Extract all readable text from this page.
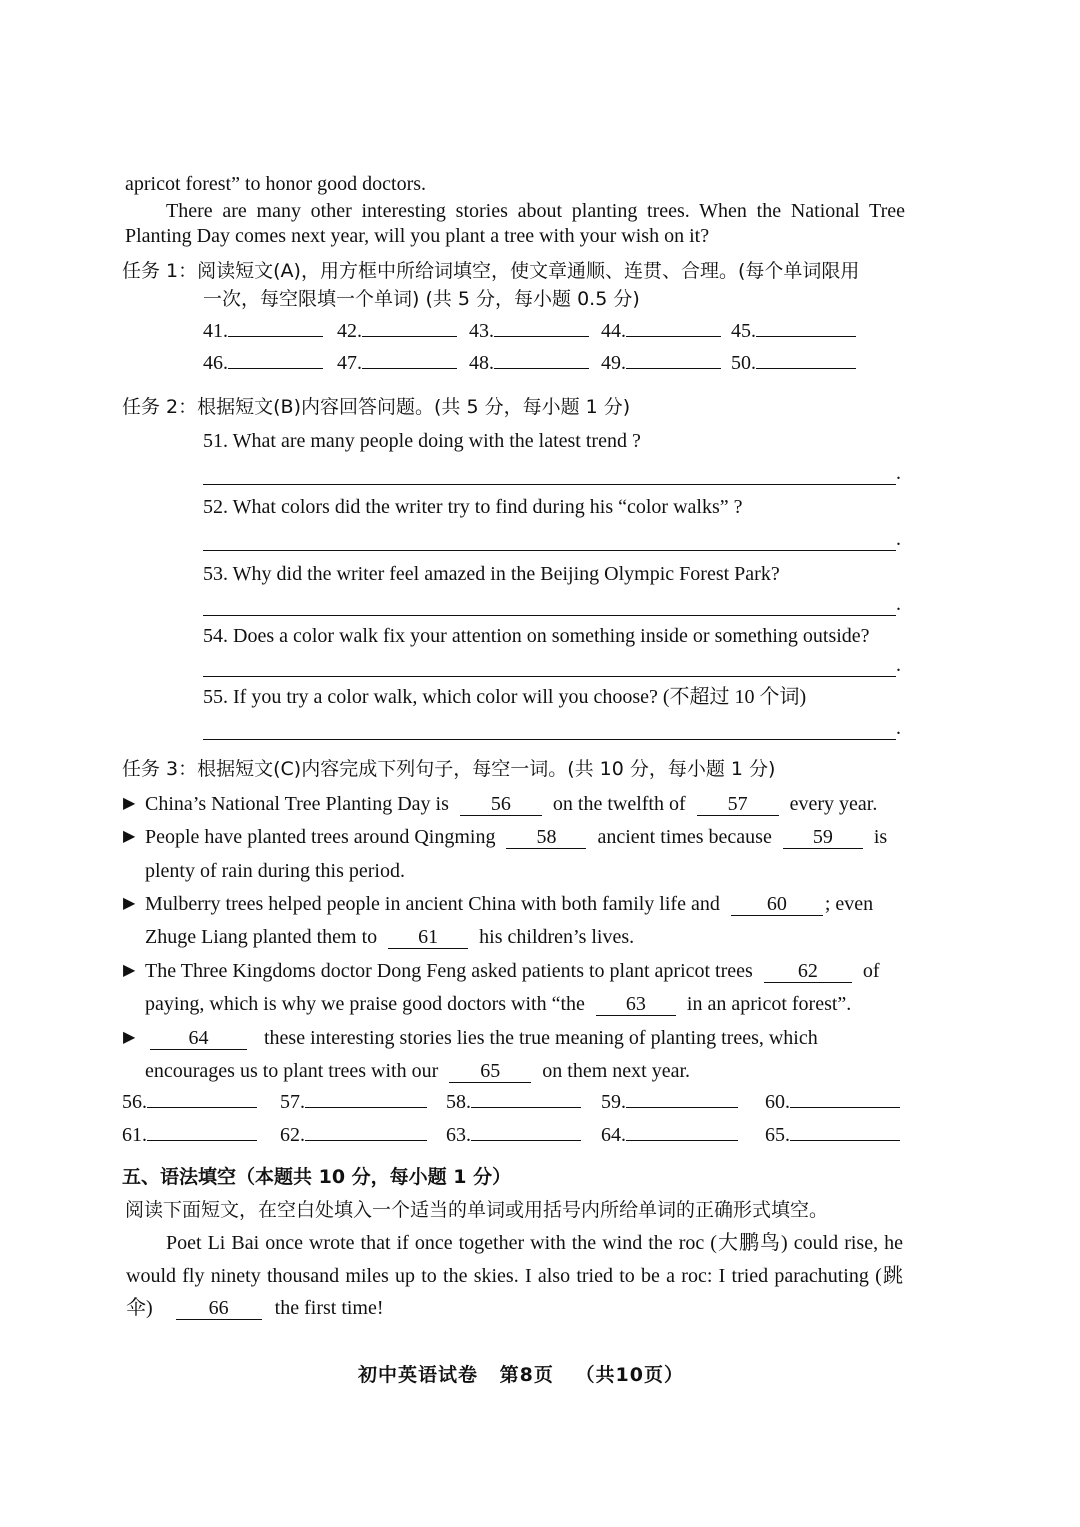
apricot forest” to honor good doctors.
There are many other interesting stories about planting trees. When the National Tree
Planting Day comes next year, will you plant a tree with your wish on it?
任务 1：阅读短文(A)，用方框中所给词填空，使文章通顺、连贯、合理。(每个单词限用
一次，每空限填一个单词) (共 5 分，每小题 0.5 分)
41.	42.	43.	44.	45.
46.	47.	48.	49.	50.
任务 2：根据短文(B)内容回答问题。(共 5 分，每小题 1 分)
51. What are many people doing with the latest trend ?
.
52. What colors did the writer try to find during his “color walks” ?
.
53. Why did the writer feel amazed in the Beijing Olympic Forest Park?
.
54. Does a color walk fix your attention on something inside or something outside?
.
55. If you try a color walk, which color will you choose? (不超过 10 个词)
.
任务 3：根据短文(C)内容完成下列句子，每空一词。(共 10 分，每小题 1 分)
▶ China’s National Tree Planting Day is 56 on the twelfth of 57 every year.
▶ People have planted trees around Qingming 58 ancient times because 59 is
plenty of rain during this period.
▶ Mulberry trees helped people in ancient China with both family life and 60 ; even
Zhuge Liang planted them to 61 his children’s lives.
▶ The Three Kingdoms doctor Dong Feng asked patients to plant apricot trees 62 of
paying, which is why we praise good doctors with “the 63 in an apricot forest”.
▶	64	these interesting stories lies the true meaning of planting trees, which
encourages us to plant trees with our 65 on them next year.
56.	57.	58.	59.	60.
61.	62.	63.	64.	65.
五、语法填空（本题共 10 分，每小题 1 分）
阅读下面短文，在空白处填入一个适当的单词或用括号内所给单词的正确形式填空。
Poet Li Bai once wrote that if once together with the wind the roc (大鹏鸟) could rise, he
would fly ninety thousand miles up to the skies. I also tried to be a roc: I tried parachuting (跳
伞)	66 the first time!
初中英语试卷 第8页 （共10页）
